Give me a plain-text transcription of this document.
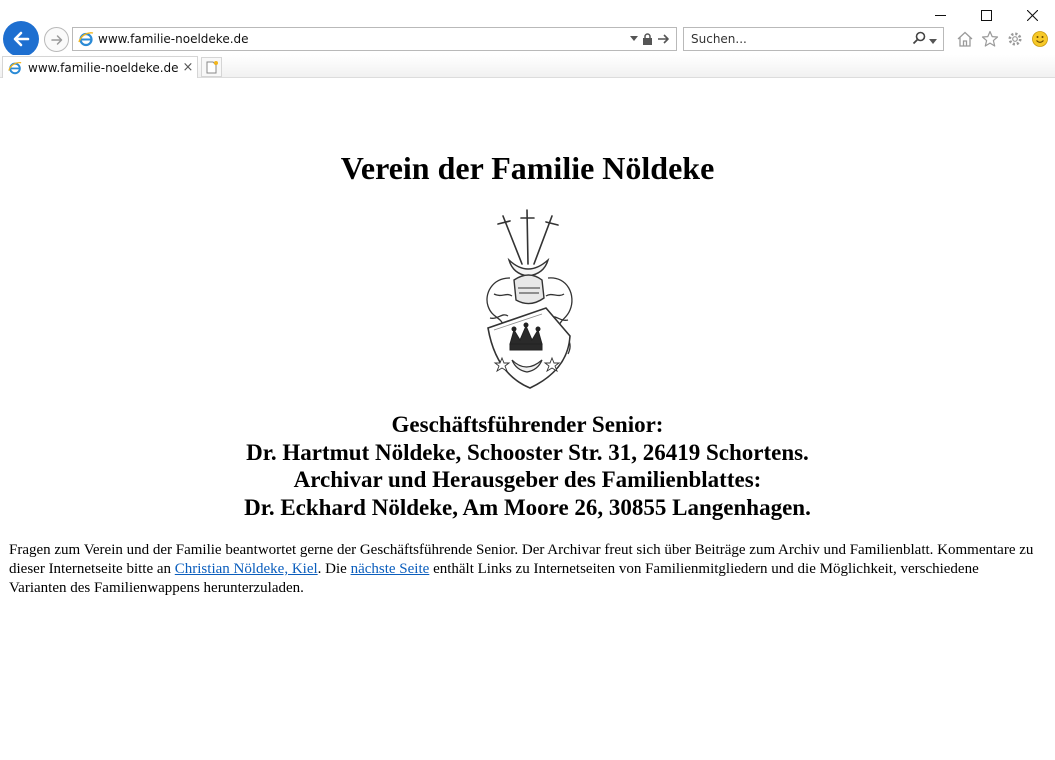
www.familie-noeldeke.de
Suchen...
www.familie-noeldeke.de ×
Verein der Familie Nöldeke
Geschäftsführender Senior:
Dr. Hartmut Nöldeke, Schooster Str. 31, 26419 Schortens.
Archivar und Herausgeber des Familienblattes:
Dr. Eckhard Nöldeke, Am Moore 26, 30855 Langenhagen.

Fragen zum Verein und der Familie beantwortet gerne der Geschäftsführende Senior. Der Archivar freut sich über Beiträge zum Archiv und Familienblatt. Kommentare zu dieser Internetseite bitte an Christian Nöldeke, Kiel. Die nächste Seite enthält Links zu Internetseiten von Familienmitgliedern und die Möglichkeit, verschiedene Varianten des Familienwappens herunterzuladen.
